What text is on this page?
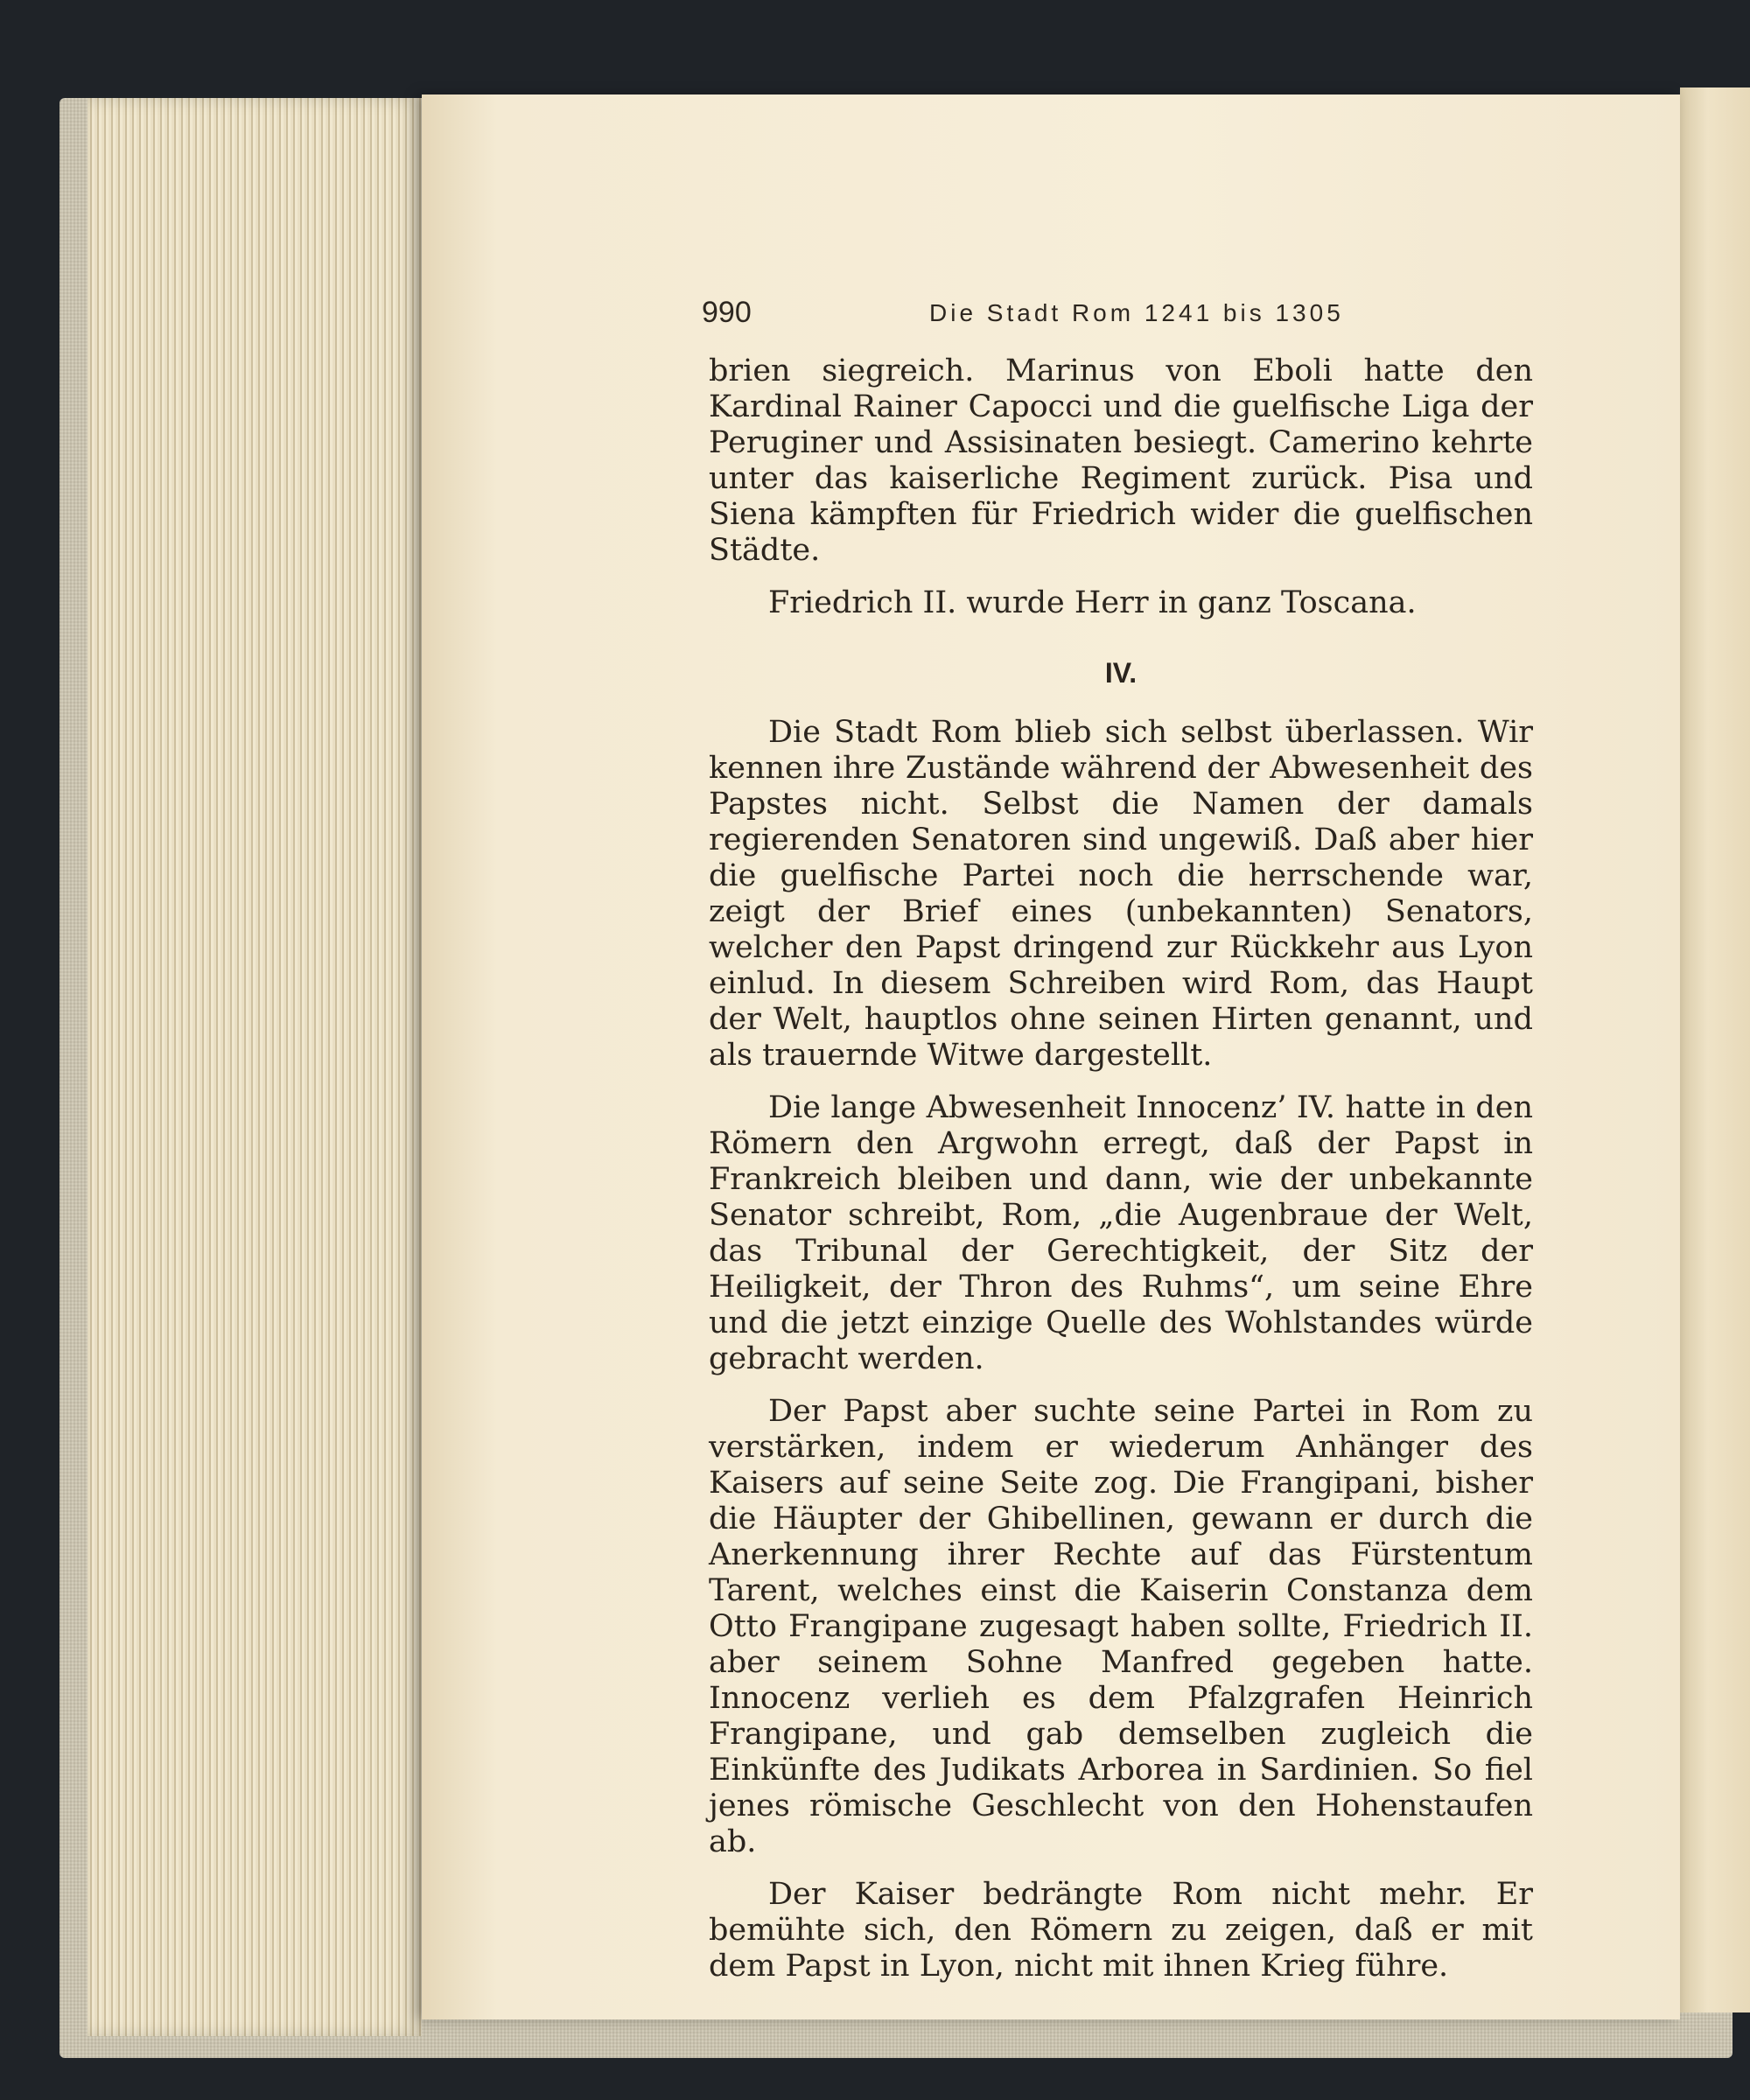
990	Die Stadt Rom 1241 bis 1305

brien siegreich. Marinus von Eboli hatte den Kardinal Rainer Capocci und die guelfische Liga der Peruginer und Assisinaten besiegt. Camerino kehrte unter das kaiserliche Regiment zurück. Pisa und Siena kämpften für Friedrich wider die guelfischen Städte.

Friedrich II. wurde Herr in ganz Toscana.

IV.

Die Stadt Rom blieb sich selbst überlassen. Wir kennen ihre Zustände während der Abwesenheit des Papstes nicht. Selbst die Namen der damals regierenden Senatoren sind ungewiß. Daß aber hier die guelfische Partei noch die herrschende war, zeigt der Brief eines (unbekannten) Senators, welcher den Papst dringend zur Rückkehr aus Lyon einlud. In diesem Schreiben wird Rom, das Haupt der Welt, hauptlos ohne seinen Hirten genannt, und als trauernde Witwe dargestellt.

Die lange Abwesenheit Innocenz’ IV. hatte in den Römern den Argwohn erregt, daß der Papst in Frankreich bleiben und dann, wie der unbekannte Senator schreibt, Rom, „die Augenbraue der Welt, das Tribunal der Gerechtigkeit, der Sitz der Heiligkeit, der Thron des Ruhms“, um seine Ehre und die jetzt einzige Quelle des Wohlstandes würde gebracht werden.

Der Papst aber suchte seine Partei in Rom zu verstärken, indem er wiederum Anhänger des Kaisers auf seine Seite zog. Die Frangipani, bisher die Häupter der Ghibellinen, gewann er durch die Anerkennung ihrer Rechte auf das Fürstentum Tarent, welches einst die Kaiserin Constanza dem Otto Frangipane zugesagt haben sollte, Friedrich II. aber seinem Sohne Manfred gegeben hatte. Innocenz verlieh es dem Pfalzgrafen Heinrich Frangipane, und gab demselben zugleich die Einkünfte des Judikats Arborea in Sardinien. So fiel jenes römische Geschlecht von den Hohenstaufen ab.

Der Kaiser bedrängte Rom nicht mehr. Er bemühte sich, den Römern zu zeigen, daß er mit dem Papst in Lyon, nicht mit ihnen Krieg führe.
